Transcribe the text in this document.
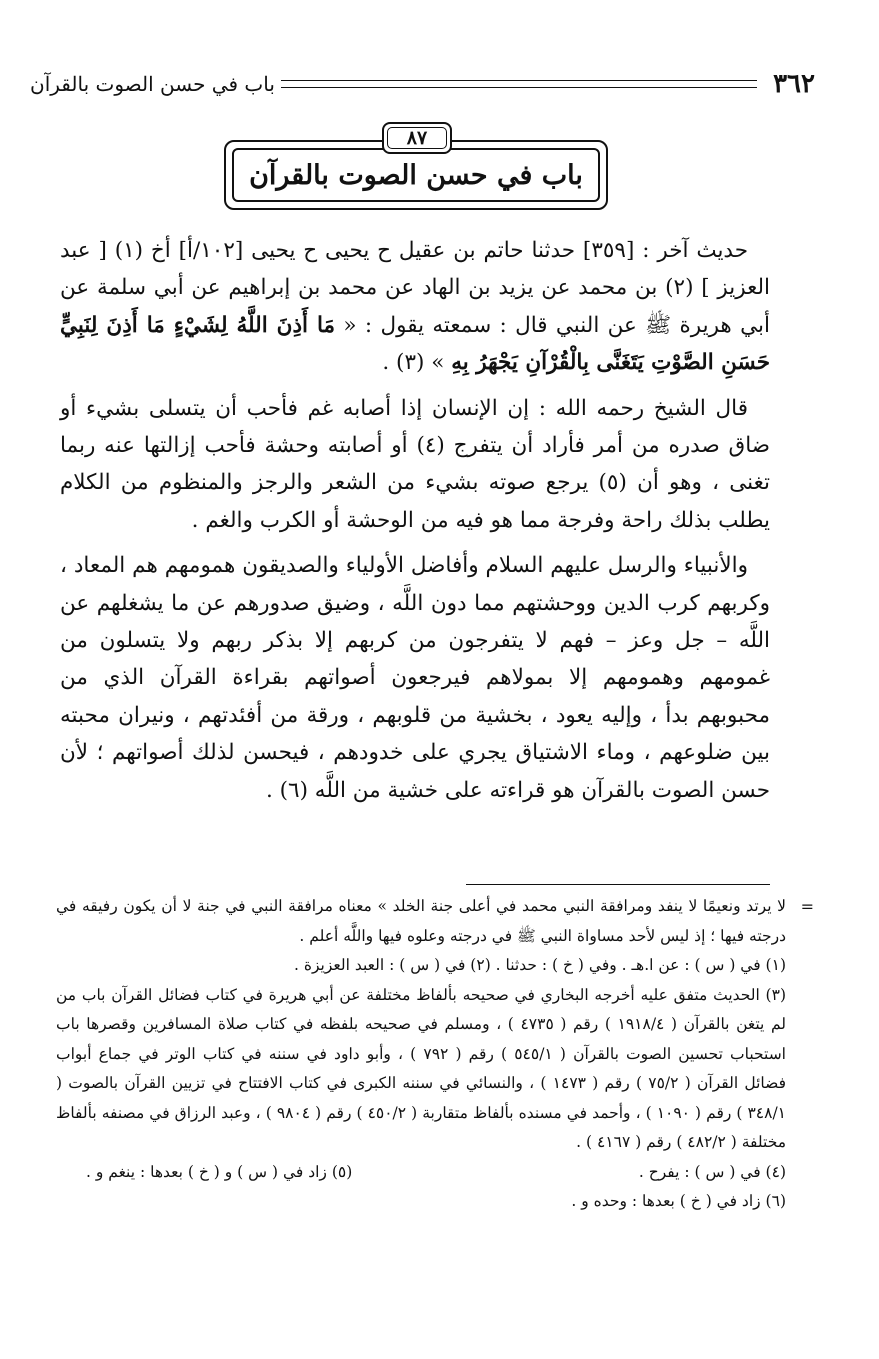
٣٦٢
باب في حسن الصوت بالقرآن
٨٧
باب في حسن الصوت بالقرآن

حديث آخر : [٣٥٩] حدثنا حاتم بن عقيل ح يحيى ح يحيى [١٠٢/أ] أخ (١) [ عبد العزيز ] (٢) بن محمد عن يزيد بن الهاد عن محمد بن إبراهيم عن أبي سلمة عن أبي هريرة ﷺ عن النبي قال : سمعته يقول : « مَا أَذِنَ اللَّهُ لِشَيْءٍ مَا أَذِنَ لِنَبِيٍّ حَسَنِ الصَّوْتِ يَتَغَنَّى بِالْقُرْآنِ يَجْهَرُ بِهِ » (٣) .

قال الشيخ رحمه الله : إن الإنسان إذا أصابه غم فأحب أن يتسلى بشيء أو ضاق صدره من أمر فأراد أن يتفرج (٤) أو أصابته وحشة فأحب إزالتها عنه ربما تغنى ، وهو أن (٥) يرجع صوته بشيء من الشعر والرجز والمنظوم من الكلام يطلب بذلك راحة وفرجة مما هو فيه من الوحشة أو الكرب والغم .

والأنبياء والرسل عليهم السلام وأفاضل الأولياء والصديقون همومهم هم المعاد ، وكربهم كرب الدين ووحشتهم مما دون اللَّه ، وضيق صدورهم عن ما يشغلهم عن اللَّه – جل وعز – فهم لا يتفرجون من كربهم إلا بذكر ربهم ولا يتسلون من غمومهم وهمومهم إلا بمولاهم فيرجعون أصواتهم بقراءة القرآن الذي من محبوبهم بدأ ، وإليه يعود ، بخشية من قلوبهم ، ورقة من أفئدتهم ، ونيران محبته بين ضلوعهم ، وماء الاشتياق يجري على خدودهم ، فيحسن لذلك أصواتهم ؛ لأن حسن الصوت بالقرآن هو قراءته على خشية من اللَّه (٦) .

=
لا يرتد ونعيمًا لا ينفد ومرافقة النبي محمد في أعلى جنة الخلد » معناه مرافقة النبي في جنة لا أن يكون رفيقه في درجته فيها ؛ إذ ليس لأحد مساواة النبي ﷺ في درجته وعلوه فيها واللَّه أعلم .

(١) في ( س ) : عن ا.هـ . وفي ( خ ) : حدثنا . (٢) في ( س ) : العبد العزيزة .

(٣) الحديث متفق عليه أخرجه البخاري في صحيحه بألفاظ مختلفة عن أبي هريرة في كتاب فضائل القرآن باب من لم يتغن بالقرآن ( ١٩١٨/٤ ) رقم ( ٤٧٣٥ ) ، ومسلم في صحيحه بلفظه في كتاب صلاة المسافرين وقصرها باب استحباب تحسين الصوت بالقرآن ( ٥٤٥/١ ) رقم ( ٧٩٢ ) ، وأبو داود في سننه في كتاب الوتر في جماع أبواب فضائل القرآن ( ٧٥/٢ ) رقم ( ١٤٧٣ ) ، والنسائي في سننه الكبرى في كتاب الافتتاح في تزيين القرآن بالصوت ( ٣٤٨/١ ) رقم ( ١٠٩٠ ) ، وأحمد في مسنده بألفاظ متقاربة ( ٤٥٠/٢ ) رقم ( ٩٨٠٤ ) ، وعبد الرزاق في مصنفه بألفاظ مختلفة ( ٤٨٢/٢ ) رقم ( ٤١٦٧ ) .

(٤) في ( س ) : يفرح .
(٥) زاد في ( س ) و ( خ ) بعدها : ينغم و .

(٦) زاد في ( خ ) بعدها : وحده و .
